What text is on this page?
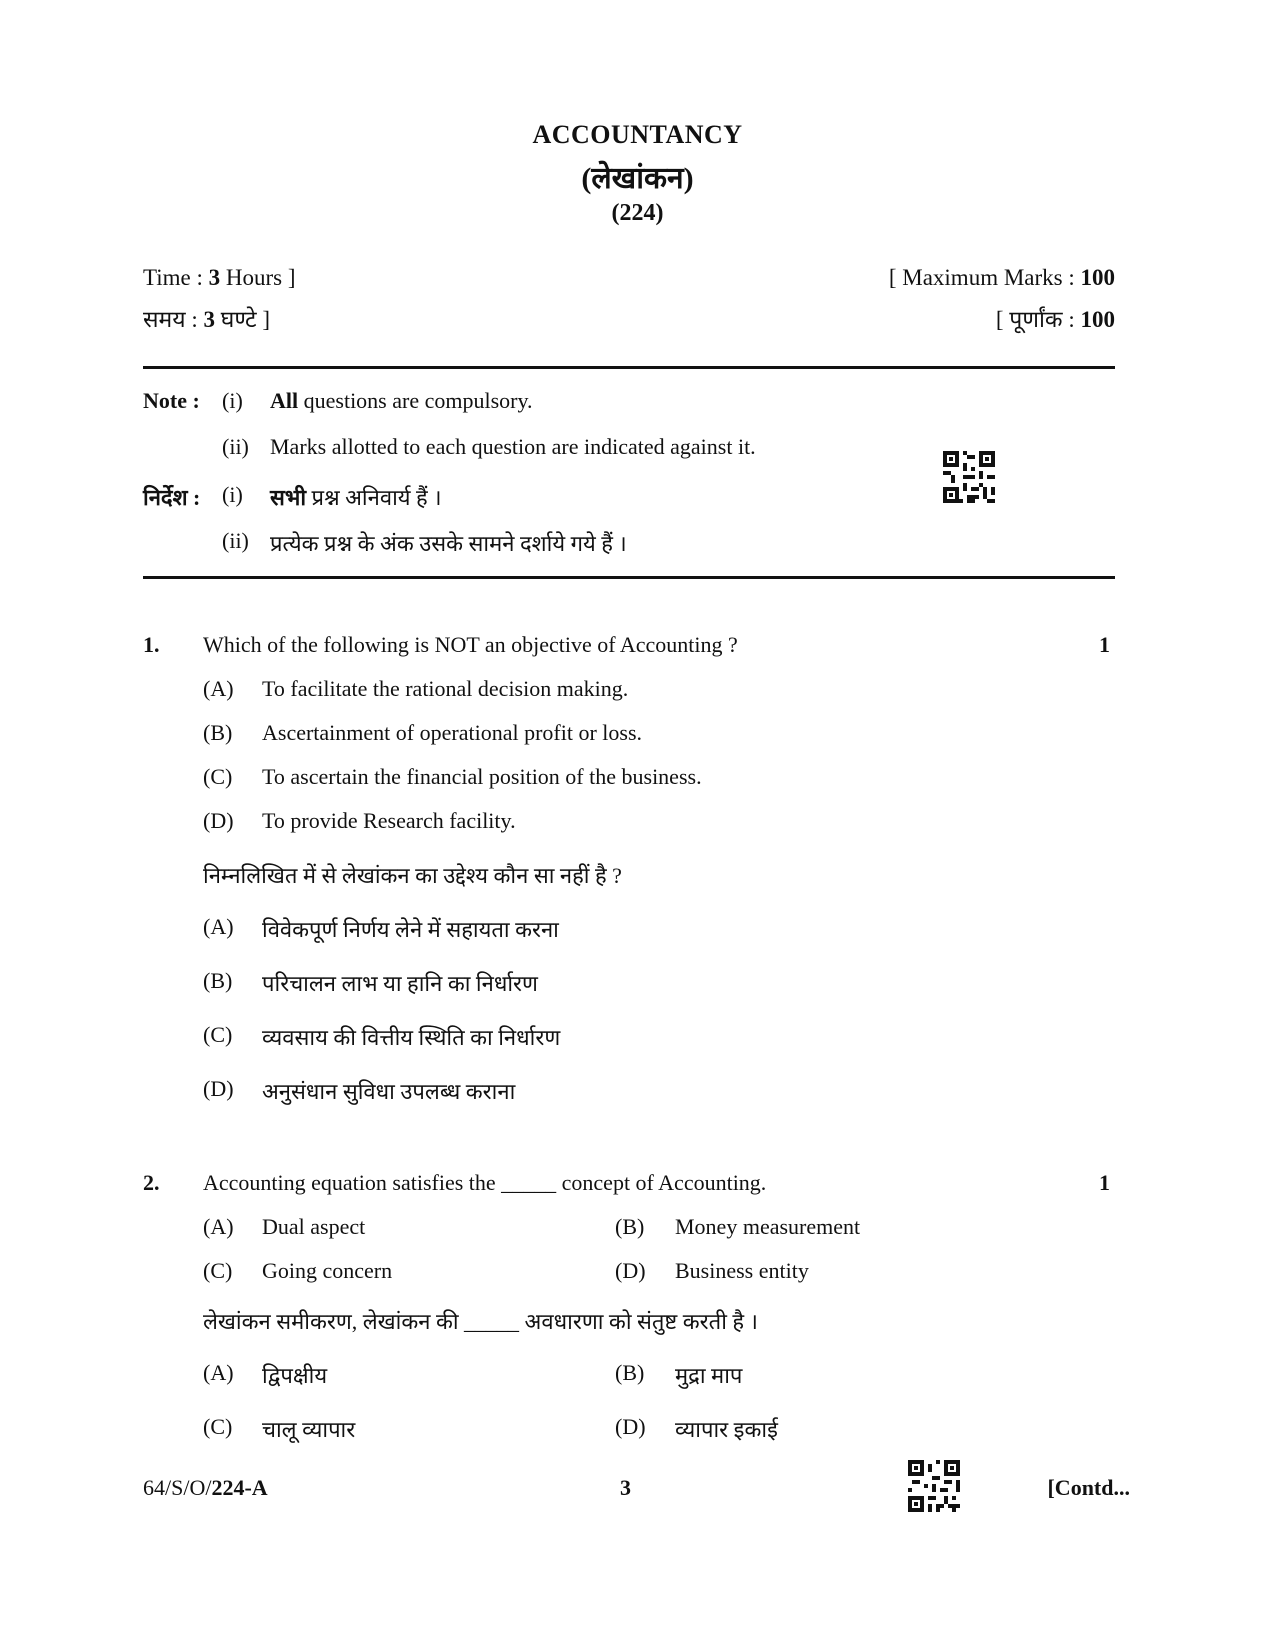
ACCOUNTANCY
(लेखांकन)
(224)
Time : 3 Hours ]
समय : 3 घण्टे ]
[ Maximum Marks : 100
[ पूर्णांक : 100
Note : (i) All questions are compulsory.
(ii) Marks allotted to each question are indicated against it.
निर्देश : (i) सभी प्रश्न अनिवार्य हैं ।
(ii) प्रत्येक प्रश्न के अंक उसके सामने दर्शाये गये हैं ।
1. Which of the following is NOT an objective of Accounting ?	1
(A) To facilitate the rational decision making.
(B) Ascertainment of operational profit or loss.
(C) To ascertain the financial position of the business.
(D) To provide Research facility.
निम्नलिखित में से लेखांकन का उद्देश्य कौन सा नहीं है ?
(A) विवेकपूर्ण निर्णय लेने में सहायता करना
(B) परिचालन लाभ या हानि का निर्धारण
(C) व्यवसाय की वित्तीय स्थिति का निर्धारण
(D) अनुसंधान सुविधा उपलब्ध कराना
2. Accounting equation satisfies the _____ concept of Accounting.	1
(A) Dual aspect	(B) Money measurement
(C) Going concern	(D) Business entity
लेखांकन समीकरण, लेखांकन की _____ अवधारणा को संतुष्ट करती है ।
(A) द्विपक्षीय	(B) मुद्रा माप
(C) चालू व्यापार	(D) व्यापार इकाई
64/S/O/224-A	3	[Contd...
